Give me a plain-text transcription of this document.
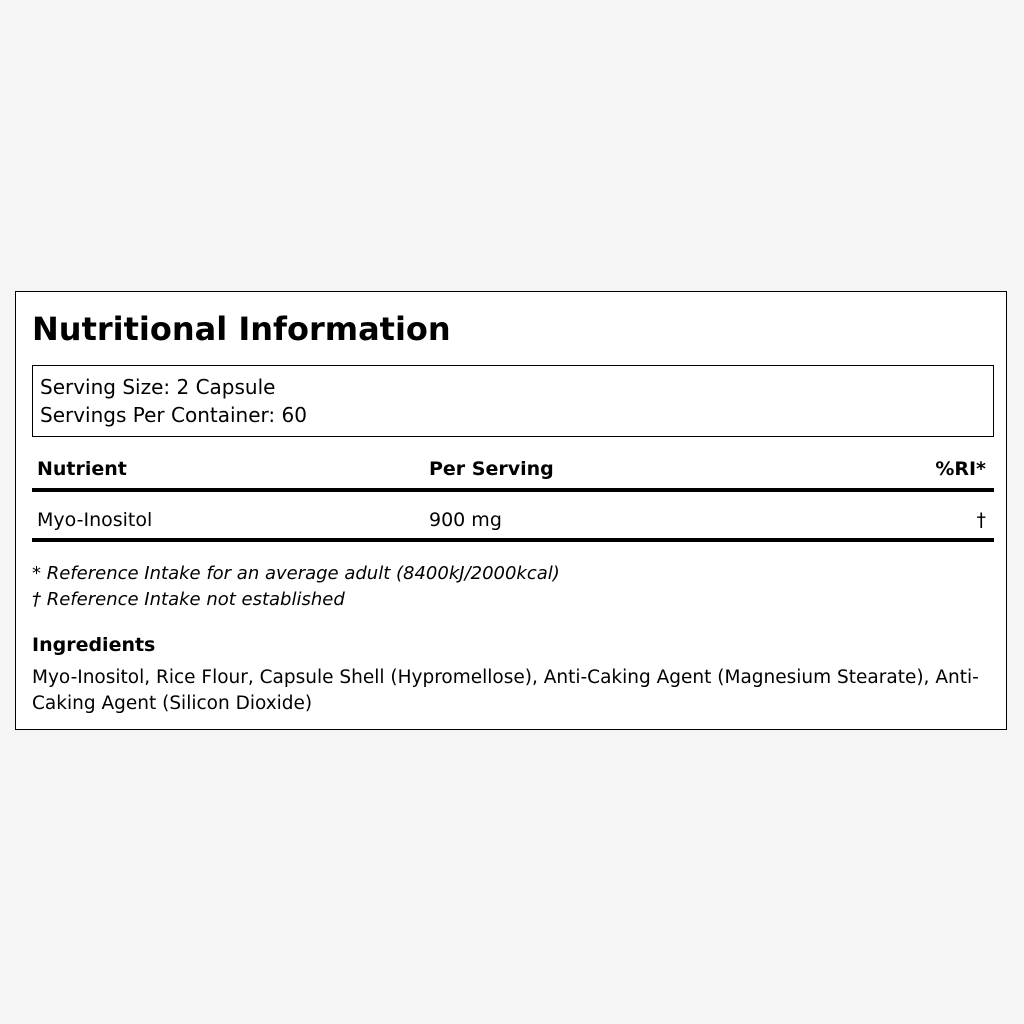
Nutritional Information
Serving Size: 2 Capsule
Servings Per Container: 60
Nutrient	Per Serving	%RI*
Myo-Inositol	900 mg	†
* Reference Intake for an average adult (8400kJ/2000kcal)
† Reference Intake not established
Ingredients

Myo-Inositol, Rice Flour, Capsule Shell (Hypromellose), Anti-Caking Agent (Magnesium Stearate), Anti-Caking Agent (Silicon Dioxide)
